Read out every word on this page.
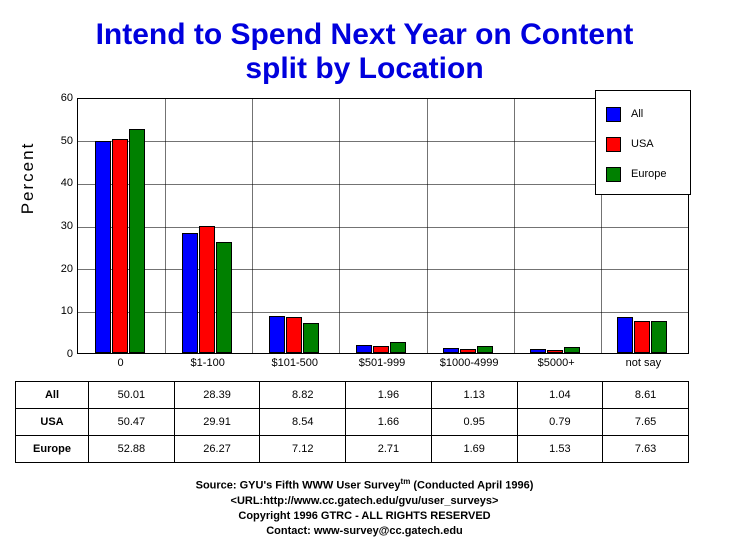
Intend to Spend Next Year on Content
split by Location
Percent
0
10
20
30
40
50
60
0	$1-100	$101-500	$501-999	$1000-4999	$5000+	not say
All
USA
Europe
All	50.01	28.39	8.82	1.96	1.13	1.04	8.61
USA	50.47	29.91	8.54	1.66	0.95	0.79	7.65
Europe	52.88	26.27	7.12	2.71	1.69	1.53	7.63
Source: GYU's Fifth WWW User Survey$^{tm}$ (Conducted April 1996)
<URL:http://www.cc.gatech.edu/gvu/user_surveys>
Copyright 1996 GTRC - ALL RIGHTS RESERVED
Contact: www-survey@cc.gatech.edu
